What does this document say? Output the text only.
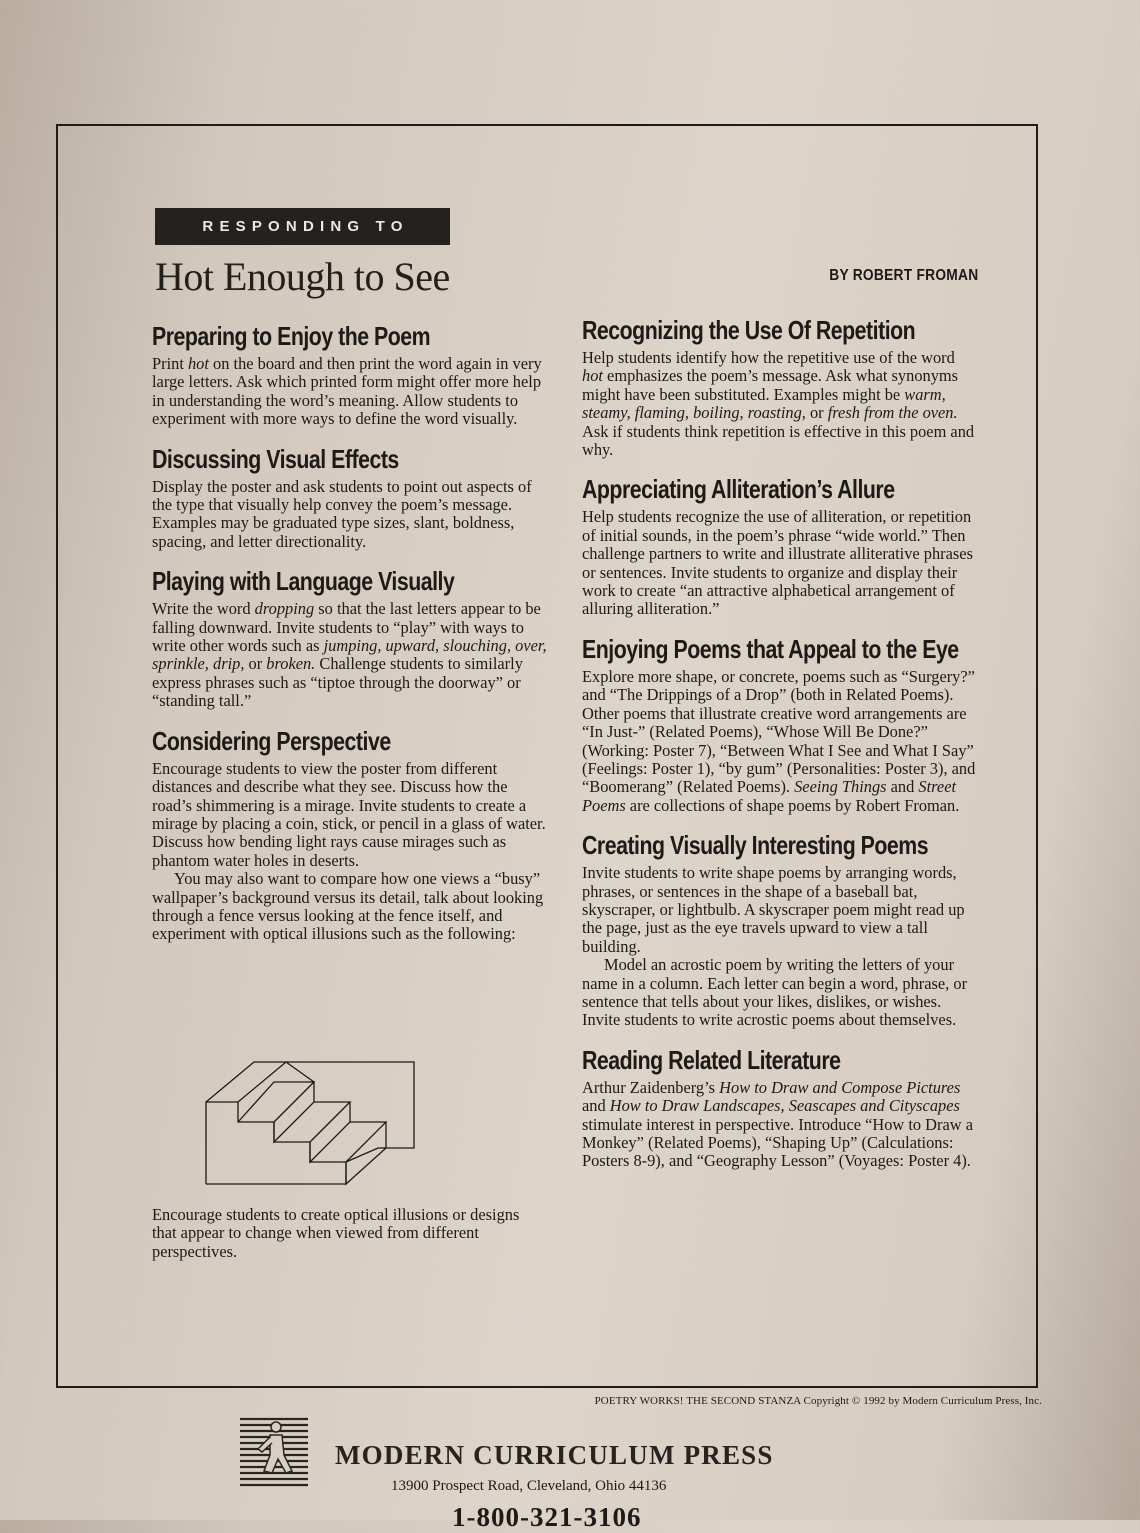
RESPONDING TO
Hot Enough to See	BY ROBERT FROMAN
Preparing to Enjoy the Poem

Print hot on the board and then print the word again in very large letters. Ask which printed form might offer more help in understanding the word’s meaning. Allow students to experiment with more ways to define the word visually.

Discussing Visual Effects

Display the poster and ask students to point out aspects of the type that visually help convey the poem’s message. Examples may be graduated type sizes, slant, boldness, spacing, and letter directionality.

Playing with Language Visually

Write the word dropping so that the last letters appear to be falling downward. Invite students to “play” with ways to write other words such as jumping, upward, slouching, over, sprinkle, drip, or broken. Challenge students to similarly express phrases such as “tiptoe through the doorway” or “standing tall.”

Considering Perspective

Encourage students to view the poster from different distances and describe what they see. Discuss how the road’s shimmering is a mirage. Invite students to create a mirage by placing a coin, stick, or pencil in a glass of water. Discuss how bending light rays cause mirages such as phantom water holes in deserts.

You may also want to compare how one views a “busy” wallpaper’s background versus its detail, talk about looking through a fence versus looking at the fence itself, and experiment with optical illusions such as the following:

Encourage students to create optical illusions or designs that appear to change when viewed from different perspectives.
Recognizing the Use Of Repetition

Help students identify how the repetitive use of the word hot emphasizes the poem’s message. Ask what synonyms might have been substituted. Examples might be warm, steamy, flaming, boiling, roasting, or fresh from the oven. Ask if students think repetition is effective in this poem and why.

Appreciating Alliteration’s Allure

Help students recognize the use of alliteration, or repetition of initial sounds, in the poem’s phrase “wide world.” Then challenge partners to write and illustrate alliterative phrases or sentences. Invite students to organize and display their work to create “an attractive alphabetical arrangement of alluring alliteration.”

Enjoying Poems that Appeal to the Eye

Explore more shape, or concrete, poems such as “Surgery?” and “The Drippings of a Drop” (both in Related Poems). Other poems that illustrate creative word arrangements are “In Just-” (Related Poems), “Whose Will Be Done?” (Working: Poster 7), “Between What I See and What I Say” (Feelings: Poster 1), “by gum” (Personalities: Poster 3), and “Boomerang” (Related Poems). Seeing Things and Street Poems are collections of shape poems by Robert Froman.

Creating Visually Interesting Poems

Invite students to write shape poems by arranging words, phrases, or sentences in the shape of a baseball bat, skyscraper, or lightbulb. A skyscraper poem might read up the page, just as the eye travels upward to view a tall building.

Model an acrostic poem by writing the letters of your name in a column. Each letter can begin a word, phrase, or sentence that tells about your likes, dislikes, or wishes. Invite students to write acrostic poems about themselves.

Reading Related Literature

Arthur Zaidenberg’s How to Draw and Compose Pictures and How to Draw Landscapes, Seascapes and Cityscapes stimulate interest in perspective. Introduce “How to Draw a Monkey” (Related Poems), “Shaping Up” (Calculations: Posters 8-9), and “Geography Lesson” (Voyages: Poster 4).

POETRY WORKS! THE SECOND STANZA Copyright © 1992 by Modern Curriculum Press, Inc.
MODERN CURRICULUM PRESS
13900 Prospect Road, Cleveland, Ohio 44136
1-800-321-3106
